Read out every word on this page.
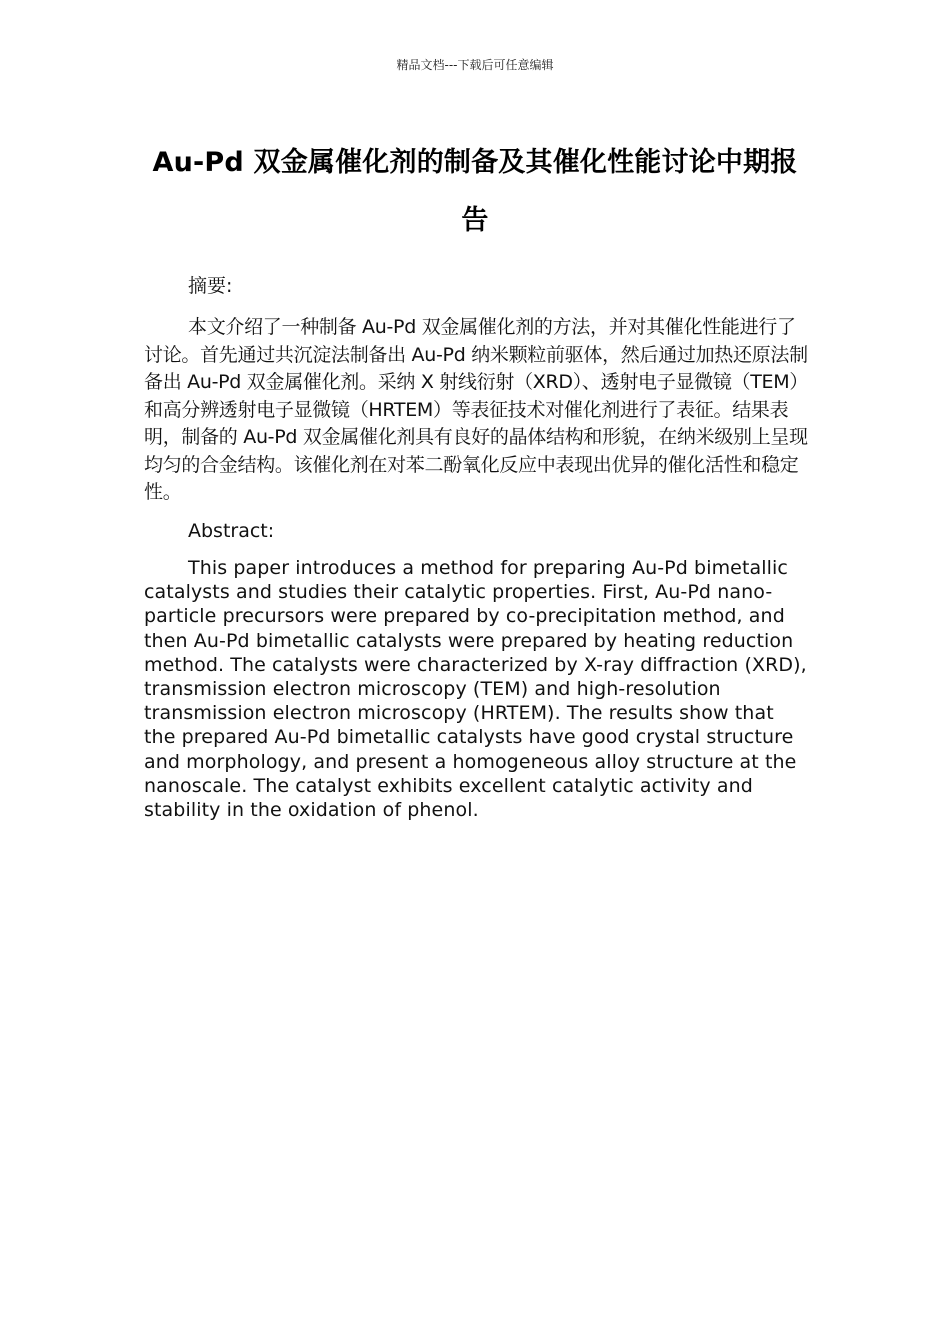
精品文档---下载后可任意编辑
Au-Pd 双金属催化剂的制备及其催化性能讨论中期报告
摘要:
本文介绍了一种制备 Au-Pd 双金属催化剂的方法，并对其催化性能进行了讨论。首先通过共沉淀法制备出 Au-Pd 纳米颗粒前驱体，然后通过加热还原法制备出 Au-Pd 双金属催化剂。采纳 X 射线衍射（XRD）、透射电子显微镜（TEM）和高分辨透射电子显微镜（HRTEM）等表征技术对催化剂进行了表征。结果表明，制备的 Au-Pd 双金属催化剂具有良好的晶体结构和形貌，在纳米级别上呈现均匀的合金结构。该催化剂在对苯二酚氧化反应中表现出优异的催化活性和稳定性。
Abstract:
This paper introduces a method for preparing Au-Pd bimetallic catalysts and studies their catalytic properties. First, Au-Pd nano-particle precursors were prepared by co-precipitation method, and then Au-Pd bimetallic catalysts were prepared by heating reduction method. The catalysts were characterized by X-ray diffraction (XRD), transmission electron microscopy (TEM) and high-resolution transmission electron microscopy (HRTEM). The results show that the prepared Au-Pd bimetallic catalysts have good crystal structure and morphology, and present a homogeneous alloy structure at the nanoscale. The catalyst exhibits excellent catalytic activity and stability in the oxidation of phenol.
